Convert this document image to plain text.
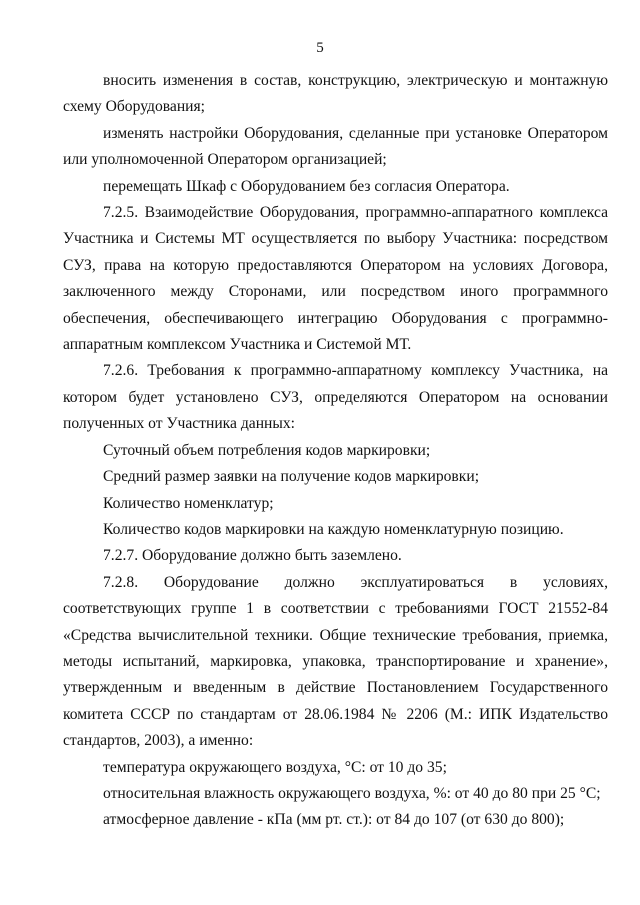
5

вносить изменения в состав, конструкцию, электрическую и монтажную схему Оборудования;

изменять настройки Оборудования, сделанные при установке Оператором или уполномоченной Оператором организацией;

перемещать Шкаф с Оборудованием без согласия Оператора.

7.2.5. Взаимодействие Оборудования, программно-аппаратного комплекса Участника и Системы МТ осуществляется по выбору Участника: посредством СУЗ, права на которую предоставляются Оператором на условиях Договора, заключенного между Сторонами, или посредством иного программного обеспечения, обеспечивающего интеграцию Оборудования с программно-аппаратным комплексом Участника и Системой МТ.

7.2.6. Требования к программно-аппаратному комплексу Участника, на котором будет установлено СУЗ, определяются Оператором на основании полученных от Участника данных:

Суточный объем потребления кодов маркировки;

Средний размер заявки на получение кодов маркировки;

Количество номенклатур;

Количество кодов маркировки на каждую номенклатурную позицию.

7.2.7. Оборудование должно быть заземлено.

7.2.8. Оборудование должно эксплуатироваться в условиях, соответствующих группе 1 в соответствии с требованиями ГОСТ 21552-84 «Средства вычислительной техники. Общие технические требования, приемка, методы испытаний, маркировка, упаковка, транспортирование и хранение», утвержденным и введенным в действие Постановлением Государственного комитета СССР по стандартам от 28.06.1984 № 2206 (М.: ИПК Издательство стандартов, 2003), а именно:

температура окружающего воздуха, °С: от 10 до 35;

относительная влажность окружающего воздуха, %: от 40 до 80 при 25 °С;

атмосферное давление - кПа (мм рт. ст.): от 84 до 107 (от 630 до 800);
